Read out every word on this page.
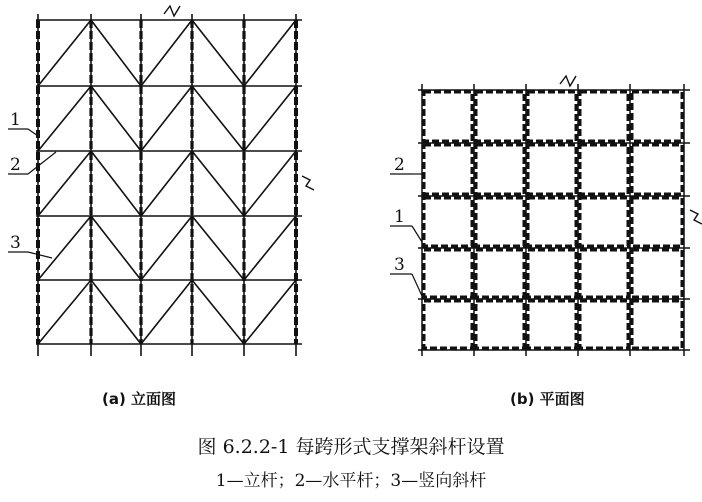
1
2
3
2
1
3
(a) 立面图	(b) 平面图
图 6.2.2-1 每跨形式支撑架斜杆设置
1—立杆；2—水平杆；3—竖向斜杆
